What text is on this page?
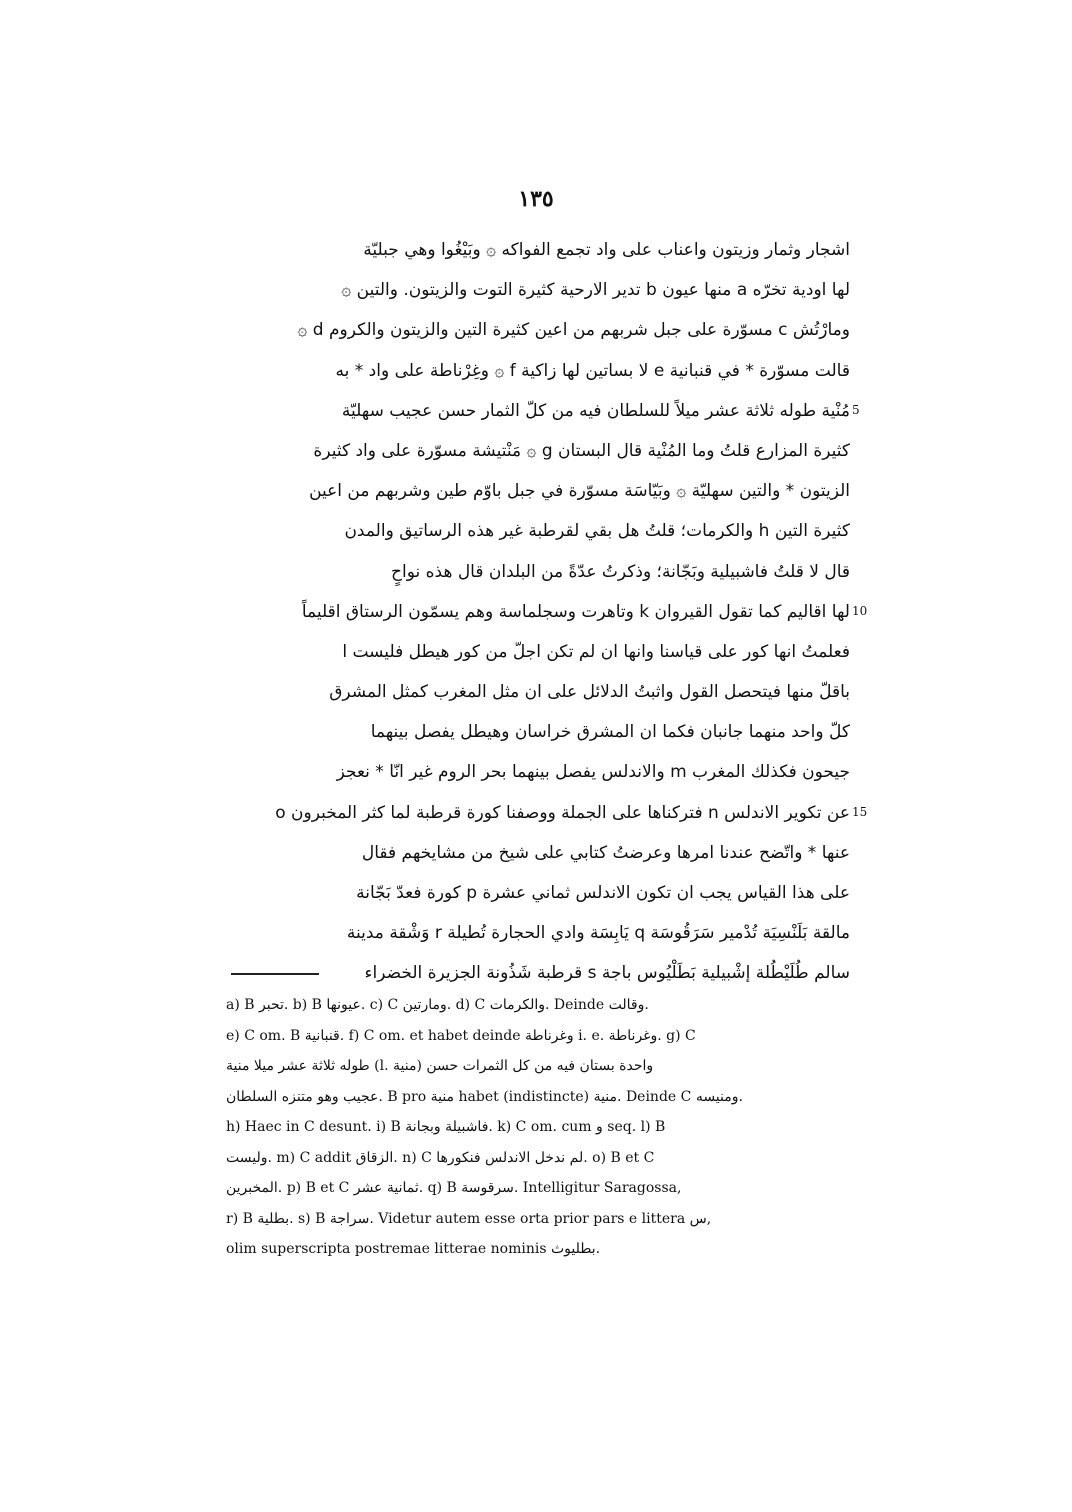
۱۳٥
اشجار وثمار وزيتون واعناب على واد تجمع الفواكه ۞ وبَيْغُوا وهي جبليّة
لها اودية تخرّه a منها عيون b تدير الارحية كثيرة التوت والزيتون. والتين ۞
ومارْتُش c مسوّرة على جبل شربهم من اعين كثيرة التين والزيتون والكروم d ۞
قالت مسوّرة * في قنبانية e لا بساتين لها زاكية f ۞ وغِرْناطة على واد * به
مُنْية طوله ثلاثة عشر ميلاً للسلطان فيه من كلّ الثمار حسن عجيب سهليّة
كثيرة المزارع قلتُ وما المُنْية قال البستان g ۞ مَنْتيشة مسوّرة على واد كثيرة
الزيتون * والتين سهليّة ۞ وبَيّاسَة مسوّرة في جبل باوّم طين وشربهم من اعين
كثيرة التين h والكرمات؛ قلتُ هل بقي لقرطبة غير هذه الرساتيق والمدن
قال لا قلتُ فاشبيلية وبَجّانة؛ وذكرتُ عدّةً من البلدان قال هذه نواحٍ
لها اقاليم كما تقول القيروان k وتاهرت وسجلماسة وهم يسمّون الرستاق اقليماً
فعلمتُ انها كور على قياسنا وانها ان لم تكن اجلّ من كور هيطل فليست l
باقلّ منها فيتحصل القول واثبتُ الدلائل على ان مثل المغرب كمثل المشرق
كلّ واحد منهما جانبان فكما ان المشرق خراسان وهيطل يفصل بينهما
جيحون فكذلك المغرب m والاندلس يفصل بينهما بحر الروم غير انّا * نعجز
عن تكوير الاندلس n فتركناها على الجملة ووصفنا كورة قرطبة لما كثر المخبرون o
عنها * واتّضح عندنا امرها وعرضتُ كتابي على شيخ من مشايخهم فقال
على هذا القياس يجب ان تكون الاندلس ثماني عشرة p كورة فعدّ بَجّانة
مالقة بَلَنْسِيَة تُدْمير سَرَقُوسَة q يَابِسَة وادي الحجارة تُطيلة r وَشْقة مدينة
سالم طُلَيْطُلة إشْبيلية بَطَلْيُوس باجة s قرطبة شَذُونة الجزيرة الخضراء
a) B تحبر. b) B عيونها. c) C ومارتين. d) C والكرمات. Deinde وقالت.
e) C om. B قنبانية. f) C om. et habet deinde وغرناطة i. e. وغرناطة. g) C
طوله ثلاثة عشر ميلا منية (l. منية) واحدة بستان فيه من كل الثمرات حسن
عجيب وهو متنزه السلطان. B pro منية habet (indistincte) منية. Deinde C ومنيسه.
h) Haec in C desunt. i) B فاشبيلة وبجانة. k) C om. cum و seq. l) B
وليست. m) C addit الزقاق. n) C لم ندخل الاندلس فنكورها. o) B et C
المخبرين. p) B et C ثمانية عشر. q) B سرقوسة. Intelligitur Saragossa,
r) B بطلية. s) B سراجة. Videtur autem esse orta prior pars e littera س,
olim superscripta postremae litterae nominis بطليوث.
5
10
15
